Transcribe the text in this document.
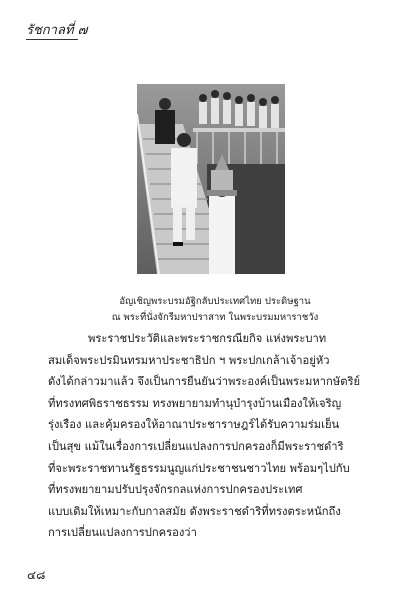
รัชกาลที่ ๗
อัญเชิญพระบรมอัฐิกลับประเทศไทย ประดิษฐาน
ณ พระที่นั่งจักรีมหาปราสาท ในพระบรมมหาราชวัง
พระราชประวัติและพระราชกรณียกิจ แห่งพระบาท
สมเด็จพระปรมินทรมหาประชาธิปก ฯ พระปกเกล้าเจ้าอยู่หัว
ดังได้กล่าวมาแล้ว จึงเป็นการยืนยันว่าพระองค์เป็นพระมหากษัตริย์
ที่ทรงทศพิธราชธรรม ทรงพยายามทำนุบำรุงบ้านเมืองให้เจริญ
รุ่งเรือง และคุ้มครองให้อาณาประชาราษฎร์ได้รับความร่มเย็น
เป็นสุข แม้ในเรื่องการเปลี่ยนแปลงการปกครองก็มีพระราชดำริ
ที่จะพระราชทานรัฐธรรมนูญแก่ประชาชนชาวไทย พร้อมๆไปกับ
ที่ทรงพยายามปรับปรุงจักรกลแห่งการปกครองประเทศ
แบบเดิมให้เหมาะกับกาลสมัย ดังพระราชดำริที่ทรงตระหนักถึง
การเปลี่ยนแปลงการปกครองว่า
๔๘
